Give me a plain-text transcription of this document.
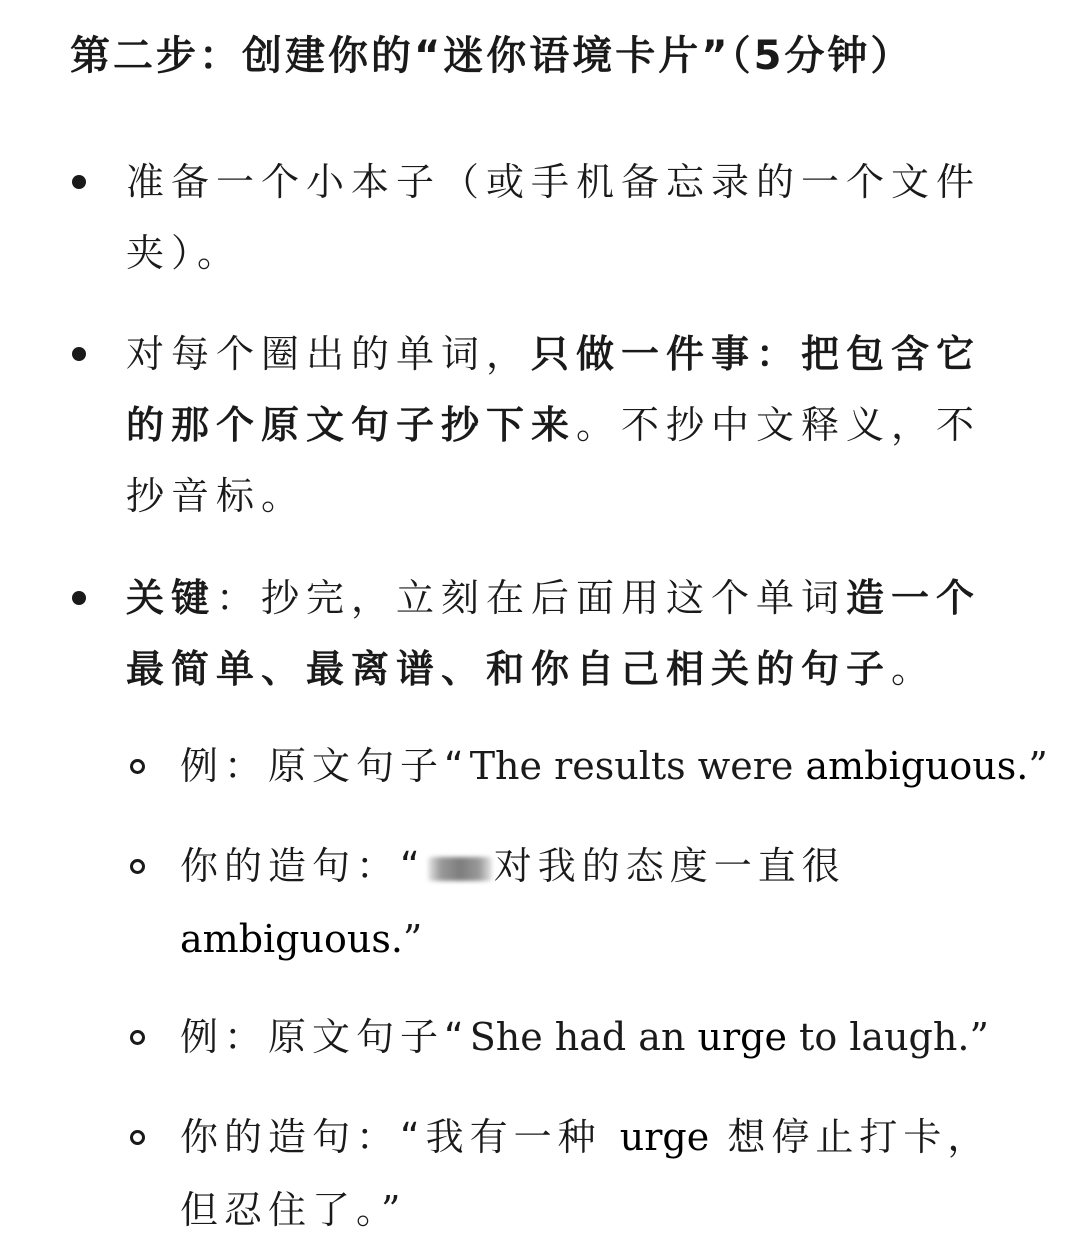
第二步：创建你的“迷你语境卡片”（5分钟）
准备一个小本子（或手机备忘录的一个文件夹）。
对每个圈出的单词，只做一件事：把包含它的那个原文句子抄下来。不抄中文释义，不抄音标。
关键：抄完，立刻在后面用这个单词造一个最简单、最离谱、和你自己相关的句子。
例：原文句子“The results were ambiguous.”
你的造句：“ 对我的态度一直很ambiguous.”
例：原文句子“She had an urge to laugh.”
你的造句：“我有一种 urge 想停止打卡，但忍住了。”
